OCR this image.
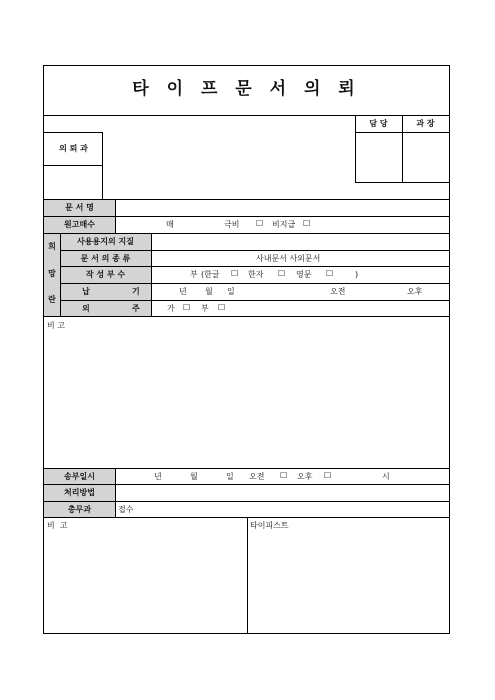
타 이 프 문 서 의 뢰
담 당	과 장
의 뢰 과
문 서 명
원고매수	매	극비 ☐ 비지급 ☐
희
망
란
사용용지의 지질
문 서 의 종 류	사내문서 사외문서
작 성 부 수	부 (한글 ☐ 한자 ☐ 영문 ☐	)
납	기	년 월 일	오전	오후
외	주	가 ☐ 부 ☐
비 고
송부일시	년	월	일 오전 ☐ 오후 ☐	시
처리방법
총무과	접수
비  고	타이피스트
